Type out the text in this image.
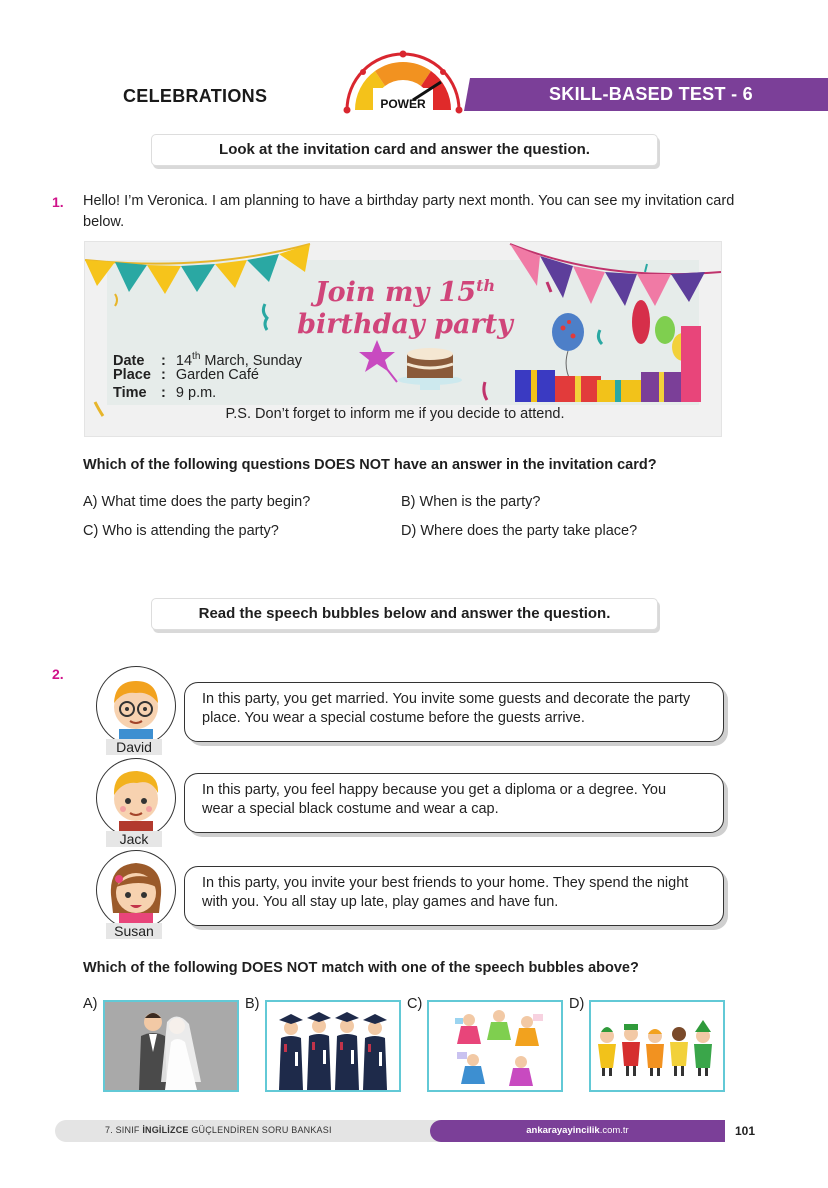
CELEBRATIONS	POWER	SKILL-BASED TEST - 6
Look at the invitation card and answer the question.
1. Hello! I’m Veronica. I am planning to have a birthday party next month. You can see my invitation card
below.
Join my 15th
birthday party
Date : 14th March, Sunday
Place : Garden Café
Time : 9 p.m.
P.S. Don’t forget to inform me if you decide to attend.
Which of the following questions DOES NOT have an answer in the invitation card?
A) What time does the party begin?	B) When is the party?
C) Who is attending the party?	D) Where does the party take place?
Read the speech bubbles below and answer the question.
2.
David
In this party, you get married. You invite some guests and decorate the party
place. You wear a special costume before the guests arrive.
Jack
In this party, you feel happy because you get a diploma or a degree. You
wear a special black costume and wear a cap.
Susan
In this party, you invite your best friends to your home. They spend the night
with you. You all stay up late, play games and have fun.
Which of the following DOES NOT match with one of the speech bubbles above?
A)	B)	C)	D)
7. SINIF İNGİLİZCE GÜÇLENDİREN SORU BANKASI	ankarayayincilik.com.tr	101
